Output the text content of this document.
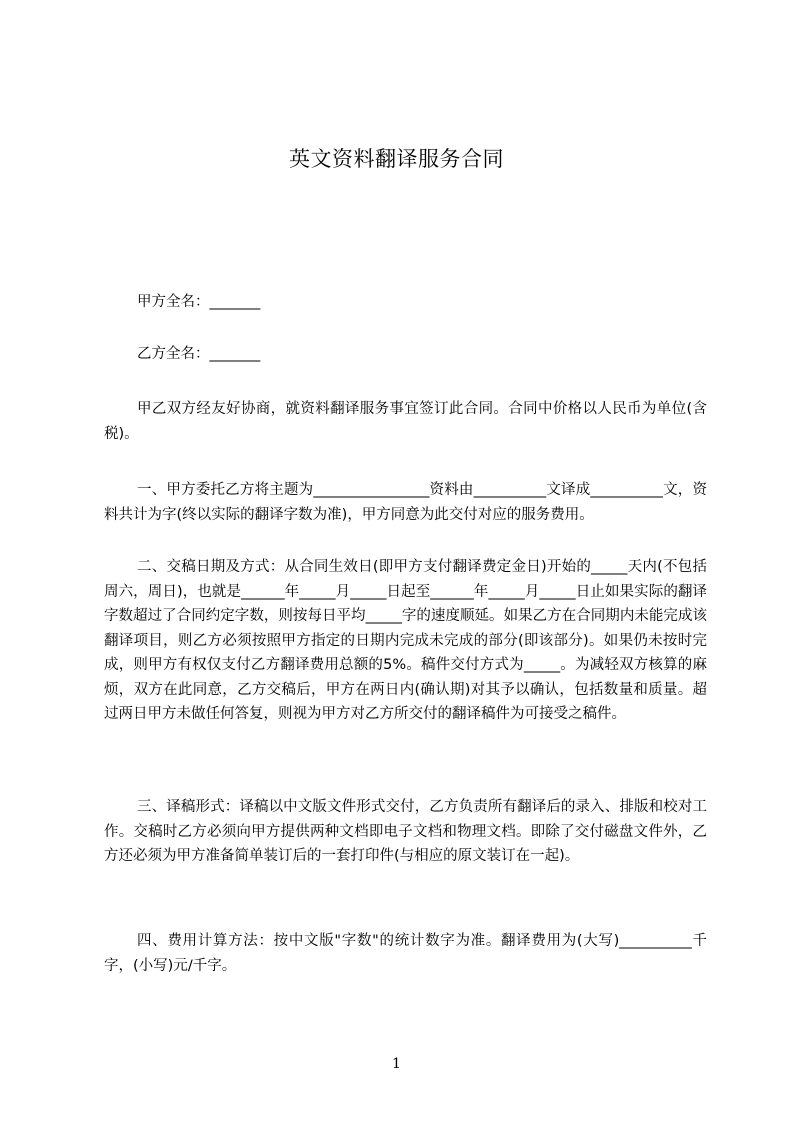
英文资料翻译服务合同
甲方全名：_______
乙方全名：_______
甲乙双方经友好协商，就资料翻译服务事宜签订此合同。合同中价格以人民币为单位(含税)。
一、甲方委托乙方将主题为________________资料由__________文译成__________文，资料共计为字(终以实际的翻译字数为准)，甲方同意为此交付对应的服务费用。
二、交稿日期及方式：从合同生效日(即甲方支付翻译费定金日)开始的_____天内(不包括周六，周日)，也就是______年_____月_____日起至______年_____月_____日止如果实际的翻译字数超过了合同约定字数，则按每日平均_____字的速度顺延。如果乙方在合同期内未能完成该翻译项目，则乙方必须按照甲方指定的日期内完成未完成的部分(即该部分)。如果仍未按时完成，则甲方有权仅支付乙方翻译费用总额的5%。稿件交付方式为_____。为减轻双方核算的麻烦，双方在此同意，乙方交稿后，甲方在两日内(确认期)对其予以确认，包括数量和质量。超过两日甲方未做任何答复，则视为甲方对乙方所交付的翻译稿件为可接受之稿件。
三、译稿形式：译稿以中文版文件形式交付，乙方负责所有翻译后的录入、排版和校对工作。交稿时乙方必须向甲方提供两种文档即电子文档和物理文档。即除了交付磁盘文件外，乙方还必须为甲方准备简单装订后的一套打印件(与相应的原文装订在一起)。
四、费用计算方法：按中文版"字数"的统计数字为准。翻译费用为(大写)__________千字，(小写)元/千字。
1
